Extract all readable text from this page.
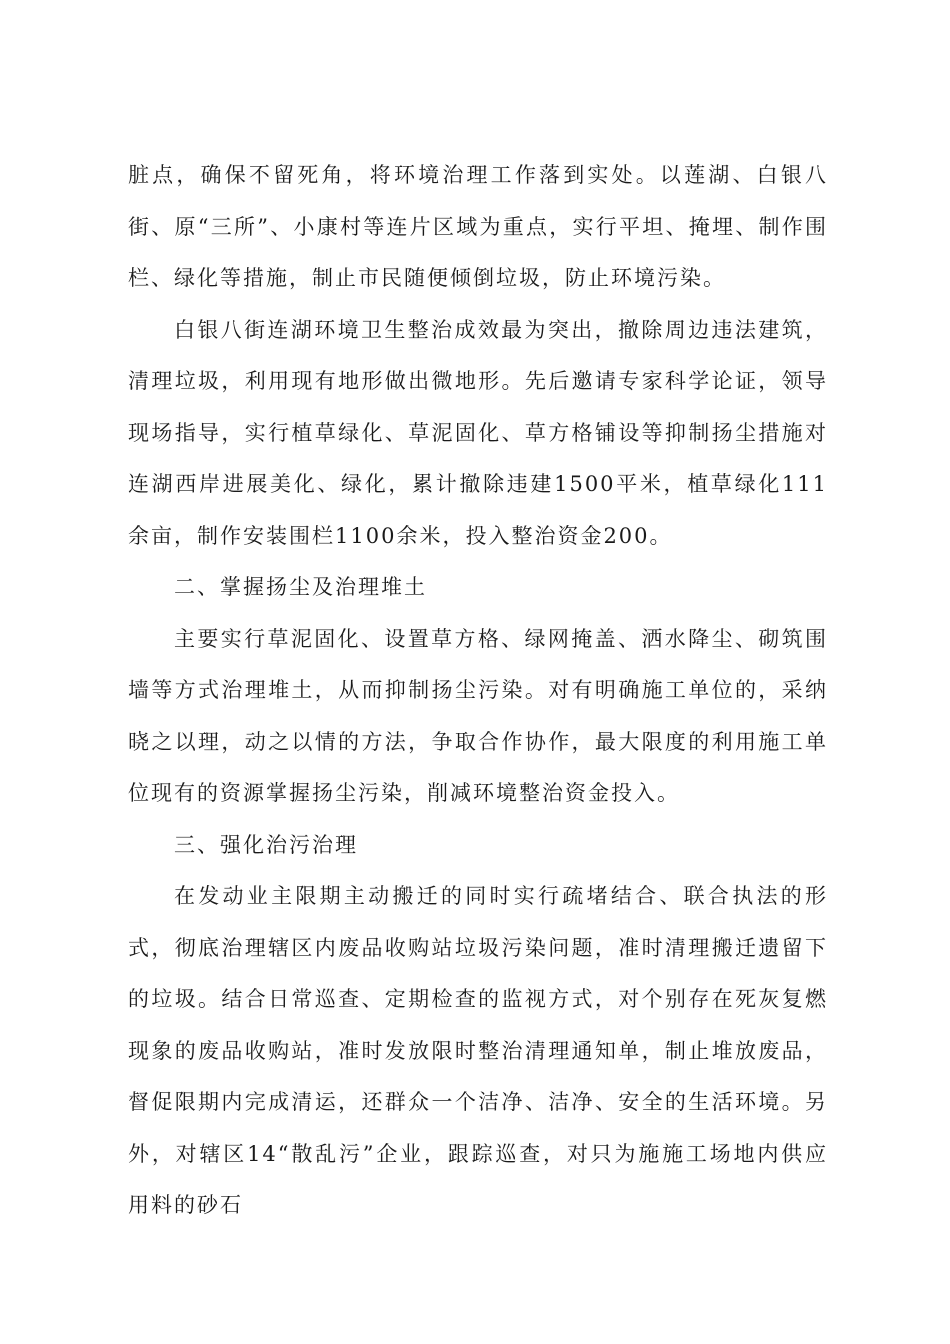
脏点，确保不留死角，将环境治理工作落到实处。以莲湖、白银八街、原“三所”、小康村等连片区域为重点，实行平坦、掩埋、制作围栏、绿化等措施，制止市民随便倾倒垃圾，防止环境污染。

白银八街连湖环境卫生整治成效最为突出，撤除周边违法建筑，清理垃圾，利用现有地形做出微地形。先后邀请专家科学论证，领导现场指导，实行植草绿化、草泥固化、草方格铺设等抑制扬尘措施对连湖西岸进展美化、绿化，累计撤除违建1500平米，植草绿化111余亩，制作安装围栏1100余米，投入整治资金200。

二、掌握扬尘及治理堆土

主要实行草泥固化、设置草方格、绿网掩盖、洒水降尘、砌筑围墙等方式治理堆土，从而抑制扬尘污染。对有明确施工单位的，采纳晓之以理，动之以情的方法，争取合作协作，最大限度的利用施工单位现有的资源掌握扬尘污染，削减环境整治资金投入。

三、强化治污治理

在发动业主限期主动搬迁的同时实行疏堵结合、联合执法的形式，彻底治理辖区内废品收购站垃圾污染问题，准时清理搬迁遗留下的垃圾。结合日常巡查、定期检查的监视方式，对个别存在死灰复燃现象的废品收购站，准时发放限时整治清理通知单，制止堆放废品，督促限期内完成清运，还群众一个洁净、洁净、安全的生活环境。另外，对辖区14“散乱污”企业，跟踪巡查，对只为施施工场地内供应用料的砂石
